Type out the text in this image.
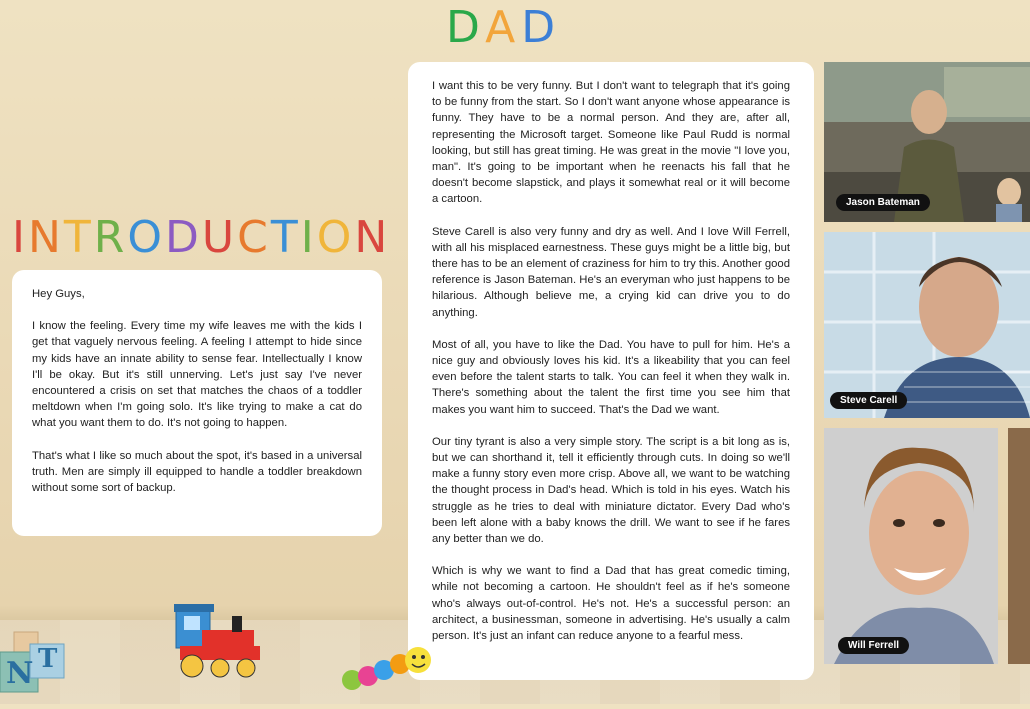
DAD
INTRODUCTION

Hey Guys,

I know the feeling. Every time my wife leaves me with the kids I get that vaguely nervous feeling. A feeling I attempt to hide since my kids have an innate ability to sense fear. Intellectually I know I'll be okay. But it's still unnerving. Let's just say I've never encountered a crisis on set that matches the chaos of a toddler meltdown when I'm going solo. It's like trying to make a cat do what you want them to do. It's not going to happen.

That's what I like so much about the spot, it's based in a universal truth. Men are simply ill equipped to handle a toddler breakdown without some sort of backup.

I want this to be very funny. But I don't want to telegraph that it's going to be funny from the start. So I don't want anyone whose appearance is funny. They have to be a normal person. And they are, after all, representing the Microsoft target. Someone like Paul Rudd is normal looking, but still has great timing. He was great in the movie "I love you, man". It's going to be important when he reenacts his fall that he doesn't become slapstick, and plays it somewhat real or it will become a cartoon.

Steve Carell is also very funny and dry as well. And I love Will Ferrell, with all his misplaced earnestness. These guys might be a little big, but there has to be an element of craziness for him to try this. Another good reference is Jason Bateman. He's an everyman who just happens to be hilarious. Although believe me, a crying kid can drive you to do anything.

Most of all, you have to like the Dad. You have to pull for him. He's a nice guy and obviously loves his kid. It's a likeability that you can feel even before the talent starts to talk. You can feel it when they walk in. There's something about the talent the first time you see him that makes you want him to succeed. That's the Dad we want.

Our tiny tyrant is also a very simple story. The script is a bit long as is, but we can shorthand it, tell it efficiently through cuts. In doing so we'll make a funny story even more crisp. Above all, we want to be watching the thought process in Dad's head. Which is told in his eyes. Watch his struggle as he tries to deal with miniature dictator. Every Dad who's been left alone with a baby knows the drill. We want to see if he fares any better than we do.

Which is why we want to find a Dad that has great comedic timing, while not becoming a cartoon. He shouldn't feel as if he's someone who's always out-of-control. He's not. He's a successful person: an architect, a businessman, someone in advertising. He's usually a calm person. It's just an infant can reduce anyone to a fearful mess.

Jason Bateman
Steve Carell
Will Ferrell
N T
